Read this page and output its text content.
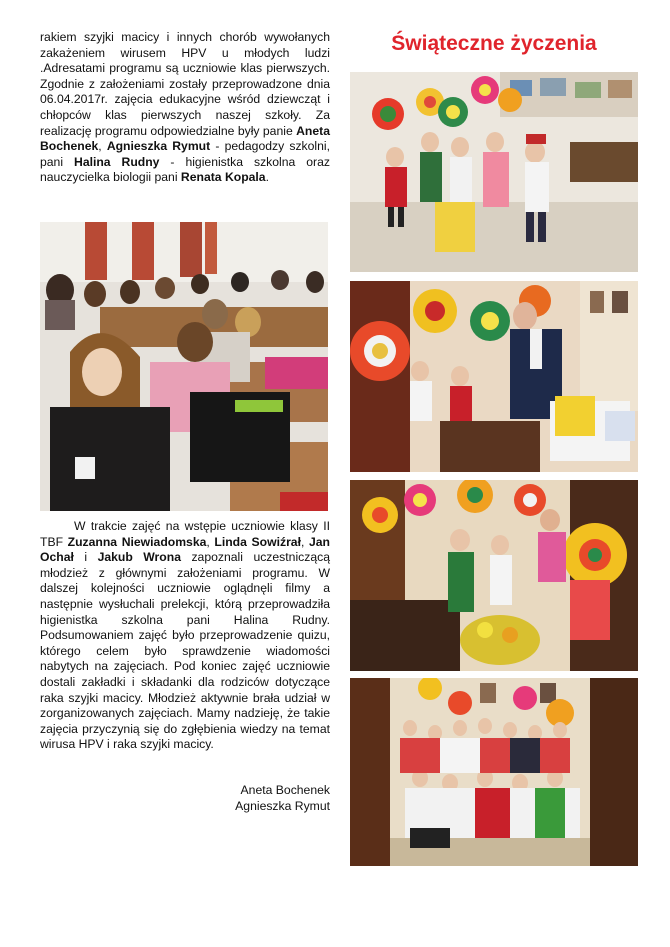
rakiem szyjki macicy i innych chorób wywołanych zakażeniem wirusem HPV u młodych ludzi .Adresatami programu są uczniowie klas pierwszych. Zgodnie z założeniami zostały przeprowadzone dnia 06.04.2017r. zajęcia edukacyjne wśród dziewcząt i chłopców klas pierwszych naszej szkoły. Za realizację programu odpowiedzialne były panie Aneta Bochenek, Agnieszka Rymut - pedagodzy szkolni, pani Halina Rudny - higienistka szkolna oraz nauczycielka biologii pani Renata Kopala.

W trakcie zajęć na wstępie uczniowie klasy II TBF Zuzanna Niewiadomska, Linda Sowiźrał, Jan Ochał i Jakub Wrona zapoznali uczestniczącą młodzież z głównymi założeniami programu. W dalszej kolejności uczniowie oglądnęli filmy a następnie wysłuchali prelekcji, którą przeprowadziła higienistka szkolna pani Halina Rudny. Podsumowaniem zajęć było przeprowadzenie quizu, którego celem było sprawdzenie wiadomości nabytych na zajęciach. Pod koniec zajęć uczniowie dostali zakładki i składanki dla rodziców dotyczące raka szyjki macicy. Młodzież aktywnie brała udział w zorganizowanych zajęciach. Mamy nadzieję, że takie zajęcia przyczynią się do zgłębienia wiedzy na temat wirusa HPV i raka szyjki macicy.

Aneta Bochenek
Agnieszka Rymut
Świąteczne życzenia
